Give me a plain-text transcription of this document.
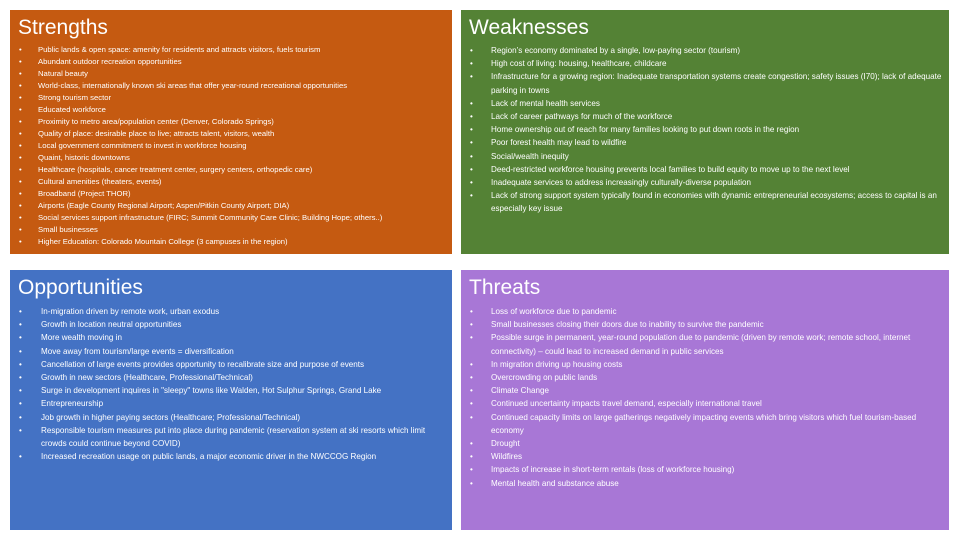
Strengths
• Public lands & open space: amenity for residents and attracts visitors, fuels tourism
• Abundant outdoor recreation opportunities
• Natural beauty
• World-class, internationally known ski areas that offer year-round recreational opportunities
• Strong tourism sector
• Educated workforce
• Proximity to metro area/population center (Denver, Colorado Springs)
• Quality of place: desirable place to live; attracts talent, visitors, wealth
• Local government commitment to invest in workforce housing
• Quaint, historic downtowns
• Healthcare (hospitals, cancer treatment center, surgery centers, orthopedic care)
• Cultural amenities (theaters, events)
• Broadband (Project THOR)
• Airports (Eagle County Regional Airport; Aspen/Pitkin County Airport; DIA)
• Social services support infrastructure (FIRC; Summit Community Care Clinic; Building Hope; others..)
• Small businesses
• Higher Education: Colorado Mountain College (3 campuses in the region)
Weaknesses
• Region’s economy dominated by a single, low-paying sector (tourism)
• High cost of living: housing, healthcare, childcare
• Infrastructure for a growing region: Inadequate transportation systems create congestion; safety issues (I70); lack of adequate parking in towns
• Lack of mental health services
• Lack of career pathways for much of the workforce
• Home ownership out of reach for many families looking to put down roots in the region
• Poor forest health may lead to wildfire
• Social/wealth inequity
• Deed-restricted workforce housing prevents local families to build equity to move up to the next level
• Inadequate services to address increasingly culturally-diverse population
• Lack of strong support system typically found in economies with dynamic entrepreneurial ecosystems; access to capital is an especially key issue
Opportunities
• In-migration driven by remote work, urban exodus
• Growth in location neutral opportunities
• More wealth moving in
• Move away from tourism/large events = diversification
• Cancellation of large events provides opportunity to recalibrate size and purpose of events
• Growth in new sectors (Healthcare, Professional/Technical)
• Surge in development inquires in "sleepy" towns like Walden, Hot Sulphur Springs, Grand Lake
• Entrepreneurship
• Job growth in higher paying sectors (Healthcare; Professional/Technical)
• Responsible tourism measures put into place during pandemic (reservation system at ski resorts which limit crowds could continue beyond COVID)
• Increased recreation usage on public lands, a major economic driver in the NWCCOG Region
Threats
• Loss of workforce due to pandemic
• Small businesses closing their doors due to inability to survive the pandemic
• Possible surge in permanent, year-round population due to pandemic (driven by remote work; remote school, internet connectivity) – could lead to increased demand in public services
• In migration driving up housing costs
• Overcrowding on public lands
• Climate Change
• Continued uncertainty impacts travel demand, especially international travel
• Continued capacity limits on large gatherings negatively impacting events which bring visitors which fuel tourism-based economy
• Drought
• Wildfires
• Impacts of increase in short-term rentals (loss of workforce housing)
• Mental health and substance abuse
